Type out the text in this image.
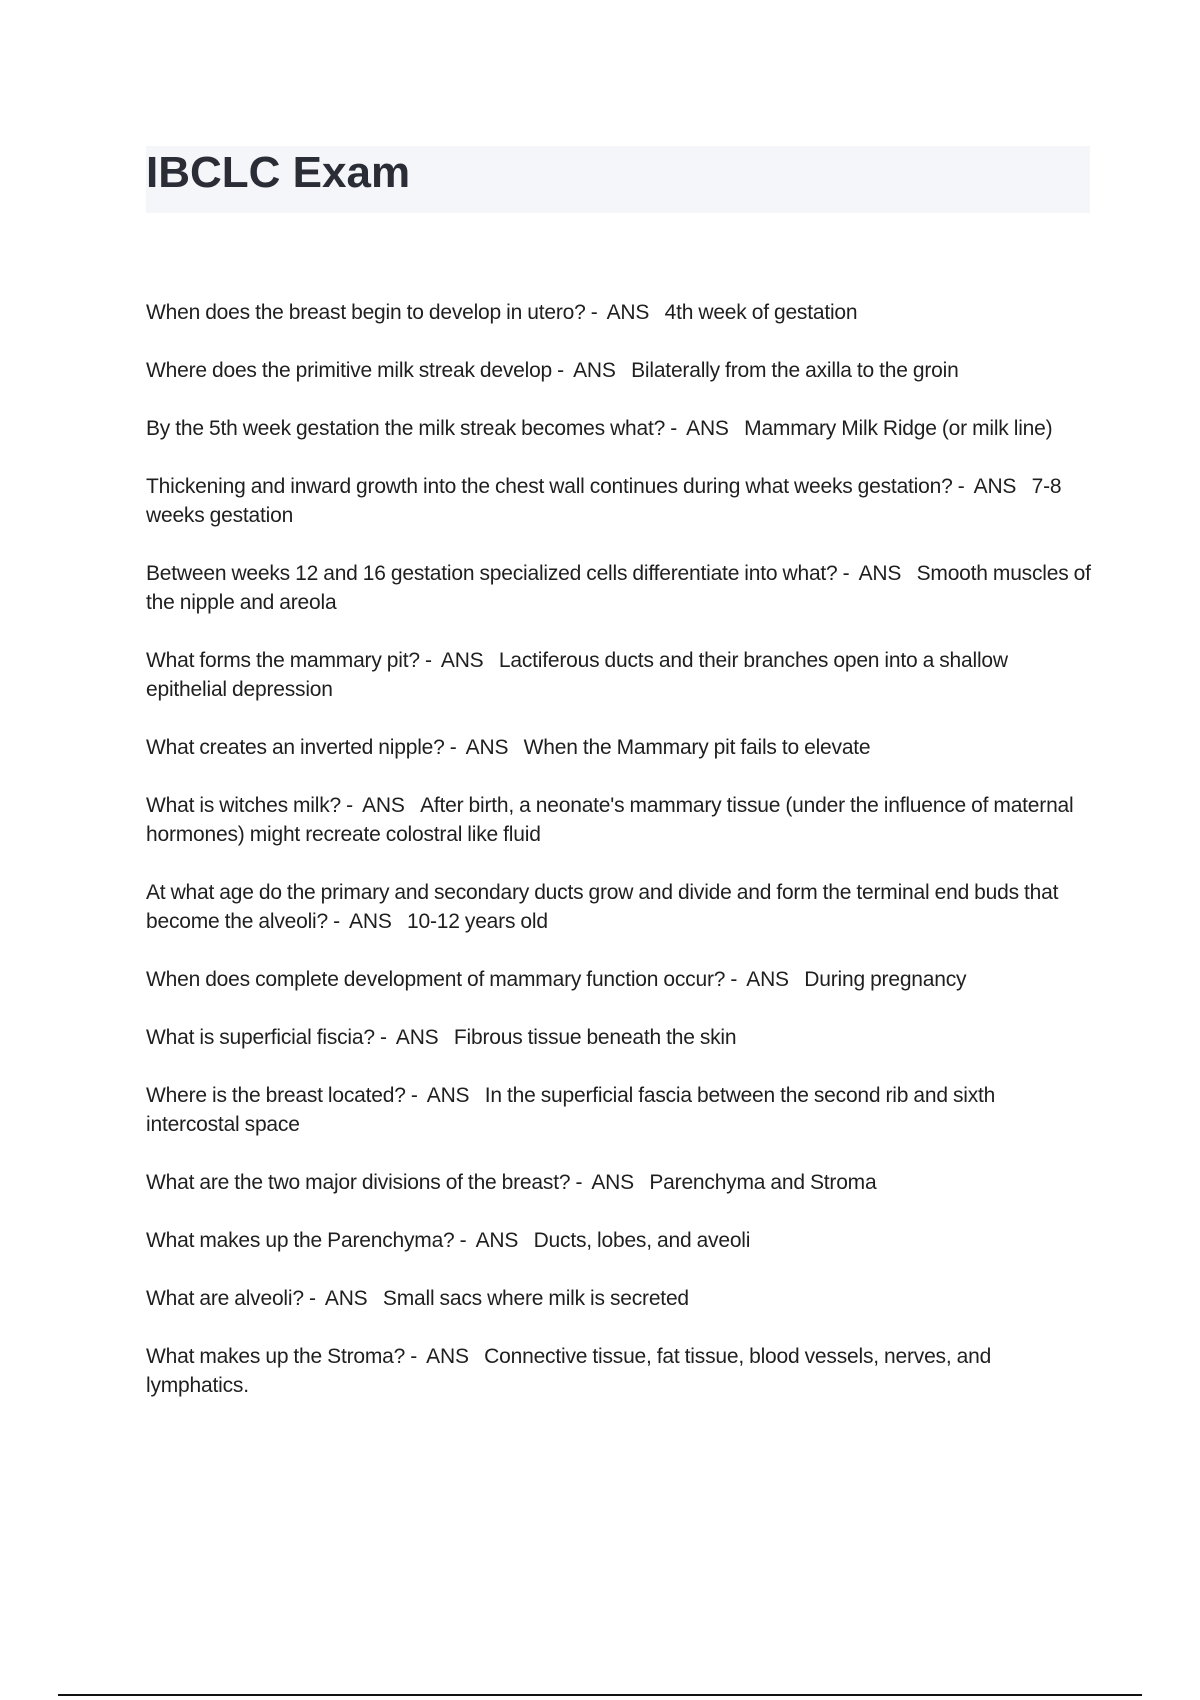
IBCLC Exam
When does the breast begin to develop in utero? -  ANS 4th week of gestation
Where does the primitive milk streak develop -  ANS Bilaterally from the axilla to the groin
By the 5th week gestation the milk streak becomes what? -  ANS Mammary Milk Ridge (or milk line)
Thickening and inward growth into the chest wall continues during what weeks gestation? -  ANS 7-8 weeks gestation
Between weeks 12 and 16 gestation specialized cells differentiate into what? -  ANS Smooth muscles of the nipple and areola
What forms the mammary pit? -  ANS Lactiferous ducts and their branches open into a shallow epithelial depression
What creates an inverted nipple? -  ANS When the Mammary pit fails to elevate
What is witches milk? -  ANS After birth, a neonate's mammary tissue (under the influence of maternal hormones) might recreate colostral like fluid
At what age do the primary and secondary ducts grow and divide and form the terminal end buds that become the alveoli? -  ANS 10-12 years old
When does complete development of mammary function occur? -  ANS During pregnancy
What is superficial fiscia? -  ANS Fibrous tissue beneath the skin
Where is the breast located? -  ANS In the superficial fascia between the second rib and sixth intercostal space
What are the two major divisions of the breast? -  ANS Parenchyma and Stroma
What makes up the Parenchyma? -  ANS Ducts, lobes, and aveoli
What are alveoli? -  ANS Small sacs where milk is secreted
What makes up the Stroma? -  ANS Connective tissue, fat tissue, blood vessels, nerves, and lymphatics.
